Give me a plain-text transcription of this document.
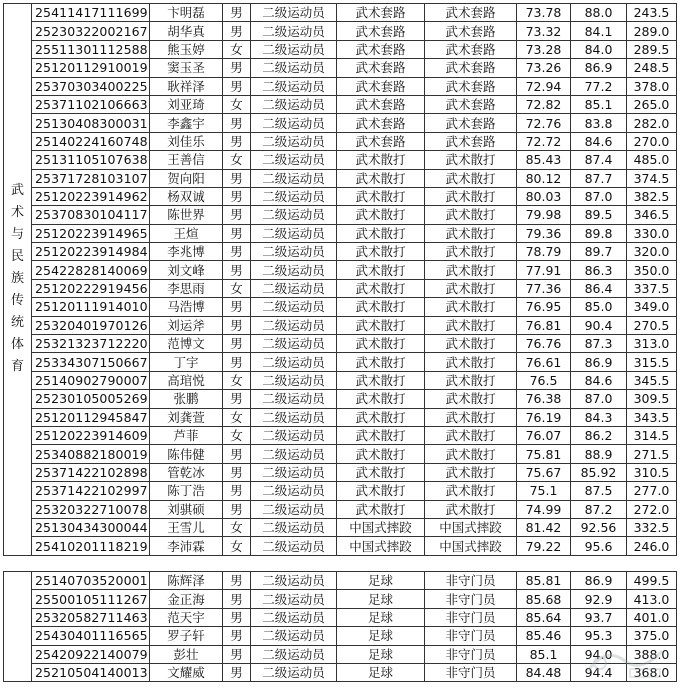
武术与民族传统体育	25411417111699	卞明磊	男	二级运动员	武术套路	武术套路	73.78	88.0	243.5
	25230322002167	胡华真	男	二级运动员	武术套路	武术套路	73.32	84.1	289.0
	25511301112588	熊玉婷	女	二级运动员	武术套路	武术套路	73.28	84.0	289.5
	25120112910019	窦玉圣	男	二级运动员	武术套路	武术套路	73.26	86.9	248.5
	25370303400225	耿祥泽	男	二级运动员	武术套路	武术套路	72.94	77.2	378.0
	25371102106663	刘亚琦	女	二级运动员	武术套路	武术套路	72.82	85.1	265.0
	25130408300031	李鑫宇	男	二级运动员	武术套路	武术套路	72.76	83.8	282.0
	25140224160748	刘佳乐	男	二级运动员	武术套路	武术套路	72.72	84.6	270.0
	25131105107638	王善信	女	二级运动员	武术散打	武术散打	85.43	87.4	485.0
	25371728103107	贺向阳	男	二级运动员	武术散打	武术散打	80.12	87.7	374.5
	25120223914962	杨双诚	男	二级运动员	武术散打	武术散打	80.03	87.0	382.5
	25370830104117	陈世界	男	二级运动员	武术散打	武术散打	79.98	89.5	346.5
	25120223914965	王煊	男	二级运动员	武术散打	武术散打	79.36	89.8	330.0
	25120223914984	李兆博	男	二级运动员	武术散打	武术散打	78.79	89.7	320.0
	25422828140069	刘文峰	男	二级运动员	武术散打	武术散打	77.91	86.3	350.0
	25120222919456	李思雨	女	二级运动员	武术散打	武术散打	77.36	86.4	337.5
	25120111914010	马浩博	男	二级运动员	武术散打	武术散打	76.95	85.0	349.0
	25320401970126	刘运斧	男	二级运动员	武术散打	武术散打	76.81	90.4	270.5
	25321323712220	范博文	男	二级运动员	武术散打	武术散打	76.76	87.3	313.0
	25334307150667	丁宇	男	二级运动员	武术散打	武术散打	76.61	86.9	315.5
	25140902790007	高琯悦	女	二级运动员	武术散打	武术散打	76.5	84.6	345.5
	25230105005269	张鹏	男	二级运动员	武术散打	武术散打	76.38	87.0	309.5
	25120112945847	刘龚萱	女	二级运动员	武术散打	武术散打	76.19	84.3	343.5
	25120223914609	芦菲	女	二级运动员	武术散打	武术散打	76.07	86.2	314.5
	25340882180019	陈伟健	男	二级运动员	武术散打	武术散打	75.81	88.9	271.5
	25371422102898	管乾冰	男	二级运动员	武术散打	武术散打	75.67	85.92	310.5
	25371422102997	陈丁浩	男	二级运动员	武术散打	武术散打	75.1	87.5	277.0
	25320322710078	刘骐硕	男	二级运动员	武术散打	武术散打	74.99	87.2	272.0
	25130434300044	王雪儿	女	二级运动员	中国式摔跤	中国式摔跤	81.42	92.56	332.5
	25410201118219	李沛霖	女	二级运动员	中国式摔跤	中国式摔跤	79.22	95.6	246.0
	25140703520001	陈辉泽	男	二级运动员	足球	非守门员	85.81	86.9	499.5
	25500105111267	金正海	男	二级运动员	足球	非守门员	85.68	92.9	413.0
	25320582711463	范天宇	男	二级运动员	足球	非守门员	85.64	93.7	401.0
	25430401116565	罗子轩	男	二级运动员	足球	非守门员	85.46	95.3	375.0
	25420922140079	彭壮	男	二级运动员	足球	非守门员	85.1	94.0	388.0
	25210504140013	文耀威	男	二级运动员	足球	非守门员	84.48	94.4	368.0
